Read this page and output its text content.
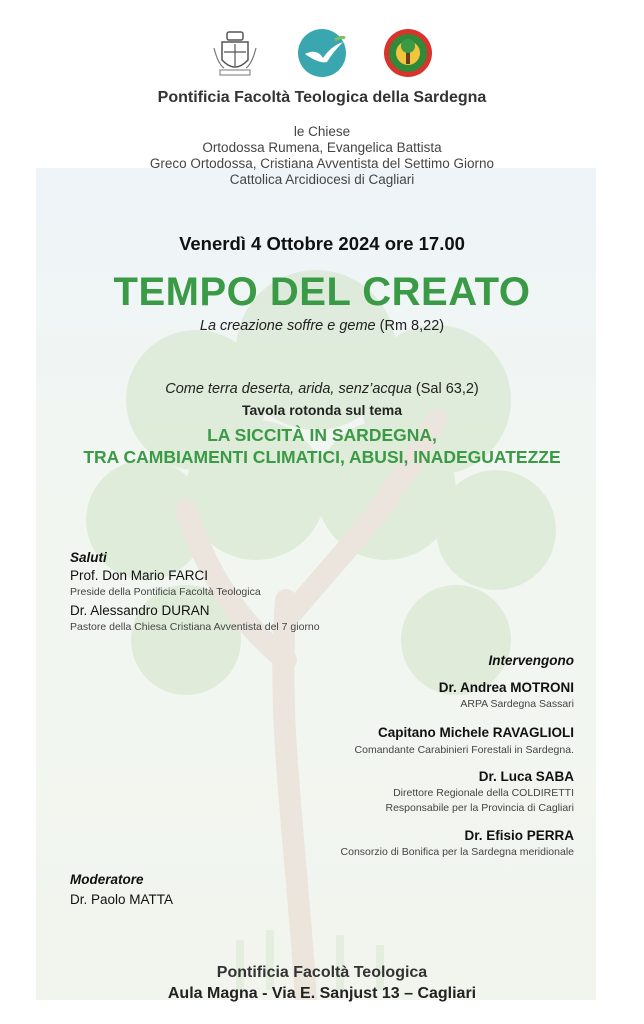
Pontificia Facoltà Teologica della Sardegna

le Chiese
Ortodossa Rumena, Evangelica Battista
Greco Ortodossa, Cristiana Avventista del Settimo Giorno
Cattolica Arcidiocesi di Cagliari

Venerdì 4 Ottobre 2024 ore 17.00

TEMPO DEL CREATO

La creazione soffre e geme (Rm 8,22)

Come terra deserta, arida, senz’acqua (Sal 63,2)

Tavola rotonda sul tema

LA SICCITÀ IN SARDEGNA,

TRA CAMBIAMENTI CLIMATICI, ABUSI, INADEGUATEZZE

Saluti
Prof. Don Mario FARCI
Preside della Pontificia Facoltà Teologica
Dr. Alessandro DURAN
Pastore della Chiesa Cristiana Avventista del 7 giorno
Intervengono
Dr. Andrea MOTRONI
ARPA Sardegna Sassari
Capitano Michele RAVAGLIOLI
Comandante Carabinieri Forestali in Sardegna.
Dr. Luca SABA
Direttore Regionale della COLDIRETTI
Responsabile per la Provincia di Cagliari
Dr. Efisio PERRA
Consorzio di Bonifica per la Sardegna meridionale
Moderatore
Dr. Paolo MATTA

Pontificia Facoltà Teologica

Aula Magna - Via E. Sanjust 13 – Cagliari
